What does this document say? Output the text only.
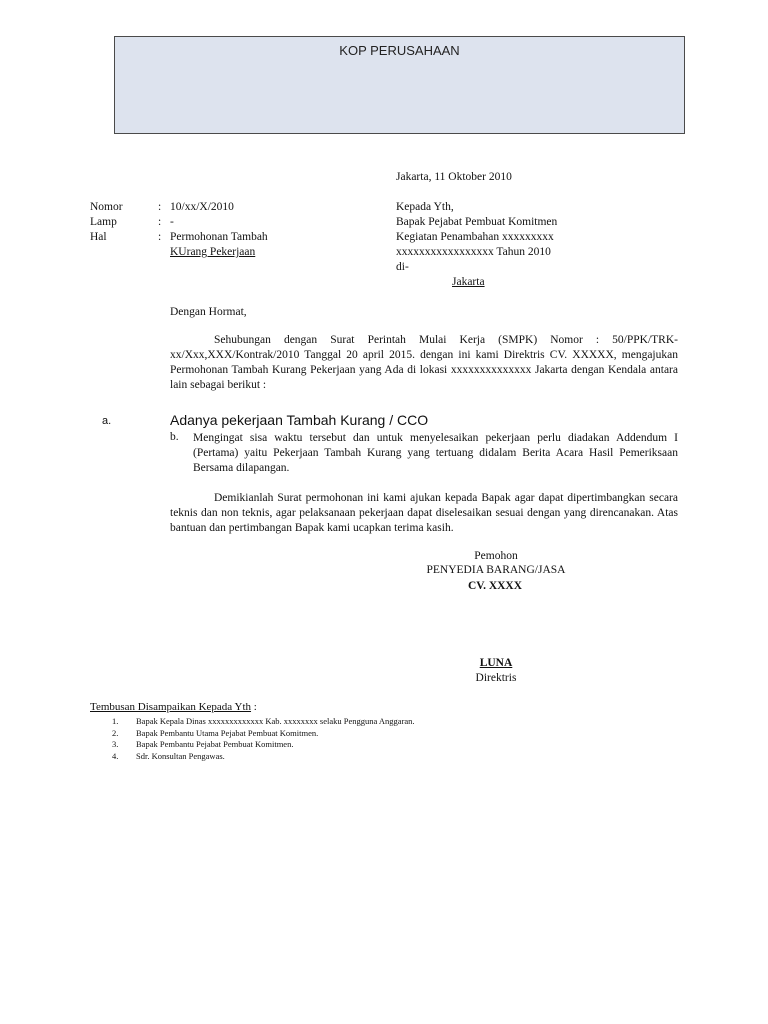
KOP PERUSAHAAN
Jakarta, 11 Oktober 2010
Nomor	: 10/xx/X/2010
Lamp	: -
Hal	: Permohonan Tambah
KUrang Pekerjaan
Kepada Yth,
Bapak Pejabat Pembuat Komitmen
Kegiatan Penambahan xxxxxxxxx
xxxxxxxxxxxxxxxxx Tahun 2010
di-
Jakarta
Dengan Hormat,
Sehubungan dengan Surat Perintah Mulai Kerja (SMPK) Nomor : 50/PPK/TRK-xx/Xxx,XXX/Kontrak/2010 Tanggal 20 april 2015. dengan ini kami Direktris CV. XXXXX, mengajukan Permohonan Tambah Kurang Pekerjaan yang Ada di lokasi xxxxxxxxxxxxxx Jakarta dengan Kendala antara lain sebagai berikut :
a.	Adanya pekerjaan Tambah Kurang / CCO
b. Mengingat sisa waktu tersebut dan untuk menyelesaikan pekerjaan perlu diadakan Addendum I (Pertama) yaitu Pekerjaan Tambah Kurang yang tertuang didalam Berita Acara Hasil Pemeriksaan Bersama dilapangan.
Demikianlah Surat permohonan ini kami ajukan kepada Bapak agar dapat dipertimbangkan secara teknis dan non teknis, agar pelaksanaan pekerjaan dapat diselesaikan sesuai dengan yang direncanakan. Atas bantuan dan pertimbangan Bapak kami ucapkan terima kasih.
Pemohon
PENYEDIA BARANG/JASA
CV. XXXX
LUNA
Direktris
Tembusan Disampaikan Kepada Yth :
1.	Bapak Kepala Dinas xxxxxxxxxxxxx Kab. xxxxxxxx selaku Pengguna Anggaran.
2.	Bapak Pembantu Utama Pejabat Pembuat Komitmen.
3.	Bapak Pembantu Pejabat Pembuat Komitmen.
4.	Sdr. Konsultan Pengawas.
